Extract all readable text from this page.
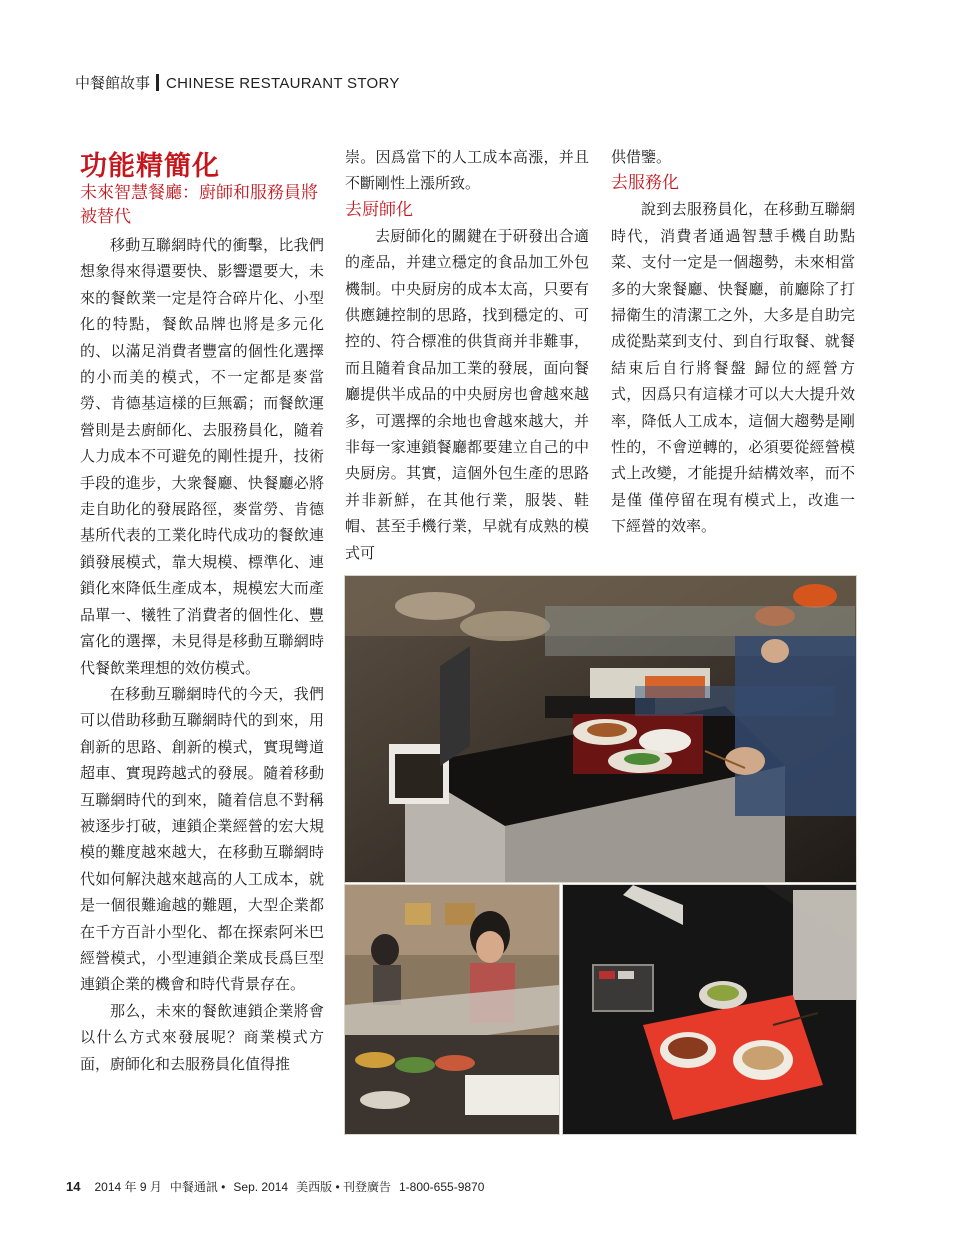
中餐館故事 CHINESE RESTAURANT STORY
功能精簡化
未來智慧餐廳：廚師和服務員將被替代

移動互聯網時代的衝擊，比我們想象得來得還要快、影響還要大，未來的餐飲業一定是符合碎片化、小型化的特點，餐飲品牌也將是多元化的、以滿足消費者豐富的個性化選擇的小而美的模式，不一定都是麥當勞、肯德基這樣的巨無霸；而餐飲運營則是去廚師化、去服務員化，隨着人力成本不可避免的剛性提升，技術手段的進步，大衆餐廳、快餐廳必將走自助化的發展路徑，麥當勞、肯德基所代表的工業化時代成功的餐飲連鎖發展模式，靠大規模、標準化、連鎖化來降低生產成本，規模宏大而產品單一、犧牲了消費者的個性化、豐富化的選擇，未見得是移動互聯網時代餐飲業理想的效仿模式。

在移動互聯網時代的今天，我們可以借助移動互聯網時代的到來，用創新的思路、創新的模式，實現彎道超車、實現跨越式的發展。隨着移動互聯網時代的到來，隨着信息不對稱被逐步打破，連鎖企業經營的宏大規模的難度越來越大，在移動互聯網時代如何解決越來越高的人工成本，就是一個很難逾越的難題，大型企業都在千方百計小型化、都在探索阿米巴經營模式，小型連鎖企業成長爲巨型連鎖企業的機會和時代背景存在。

那么，未來的餐飲連鎖企業將會以什么方式來發展呢？商業模式方面，廚師化和去服務員化值得推

崇。因爲當下的人工成本高漲，并且不斷剛性上漲所致。

去厨師化

去厨師化的關鍵在于研發出合適的產品，并建立穩定的食品加工外包機制。中央厨房的成本太高，只要有供應鏈控制的思路，找到穩定的、可控的、符合標准的供貨商并非難事，而且隨着食品加工業的發展，面向餐廳提供半成品的中央厨房也會越來越多，可選擇的余地也會越來越大，并非每一家連鎖餐廳都要建立自己的中央厨房。其實，這個外包生產的思路并非新鮮，在其他行業，服裝、鞋帽、甚至手機行業，早就有成熟的模式可

供借鑒。

去服務化

說到去服務員化，在移動互聯網時代，消費者通過智慧手機自助點菜、支付一定是一個趨勢，未來相當多的大衆餐廳、快餐廳，前廳除了打掃衛生的清潔工之外，大多是自助完成從點菜到支付、到自行取餐、就餐結束后自行將餐盤 歸位的經營方式，因爲只有這樣才可以大大提升效率，降低人工成本，這個大趨勢是剛性的，不會逆轉的，必須要從經營模式上改變，才能提升結構效率，而不是僅 僅停留在現有模式上，改進一下經營的效率。

14 2014 年 9 月 中餐通訊 • Sep. 2014 美西版 • 刊登廣告 1-800-655-9870
